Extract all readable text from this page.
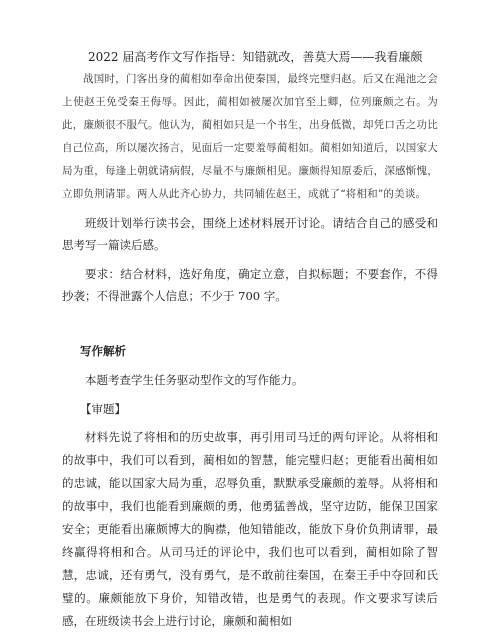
2022 届高考作文写作指导：知错就改，善莫大焉——我看廉颇
战国时，门客出身的蔺相如奉命出使秦国，最终完璧归赵。后又在渑池之会上使赵王免受秦王侮辱。因此，蔺相如被屡次加官至上卿，位列廉颇之右。为此，廉颇很不服气。他认为，蔺相如只是一个书生，出身低微，却凭口舌之功比自己位高，所以屡次扬言，见面后一定要羞辱蔺相如。蔺相如知道后，以国家大局为重，每逢上朝就请病假，尽量不与廉颇相见。廉颇得知原委后，深感惭愧，立即负荆请罪。两人从此齐心协力，共同辅佐赵王，成就了“将相和”的美谈。
班级计划举行读书会，围绕上述材料展开讨论。请结合自己的感受和思考写一篇读后感。
要求：结合材料，选好角度，确定立意，自拟标题；不要套作，不得抄袭；不得泄露个人信息；不少于 700 字。
写作解析
本题考查学生任务驱动型作文的写作能力。
【审题】
材料先说了将相和的历史故事，再引用司马迁的两句评论。从将相和的故事中，我们可以看到，蔺相如的智慧，能完璧归赵；更能看出蔺相如的忠诚，能以国家大局为重，忍辱负重，默默承受廉颇的羞辱。从将相和的故事中，我们也能看到廉颇的勇，他勇猛善战，坚守边防，能保卫国家安全；更能看出廉颇博大的胸襟，他知错能改，能放下身价负荆请罪，最终赢得将相和合。从司马迁的评论中，我们也可以看到，蔺相如除了智慧，忠诚，还有勇气，没有勇气，是不敢前往秦国，在秦王手中夺回和氏璧的。廉颇能放下身价，知错改错，也是勇气的表现。作文要求写读后感，在班级读书会上进行讨论，廉颇和蔺相如
